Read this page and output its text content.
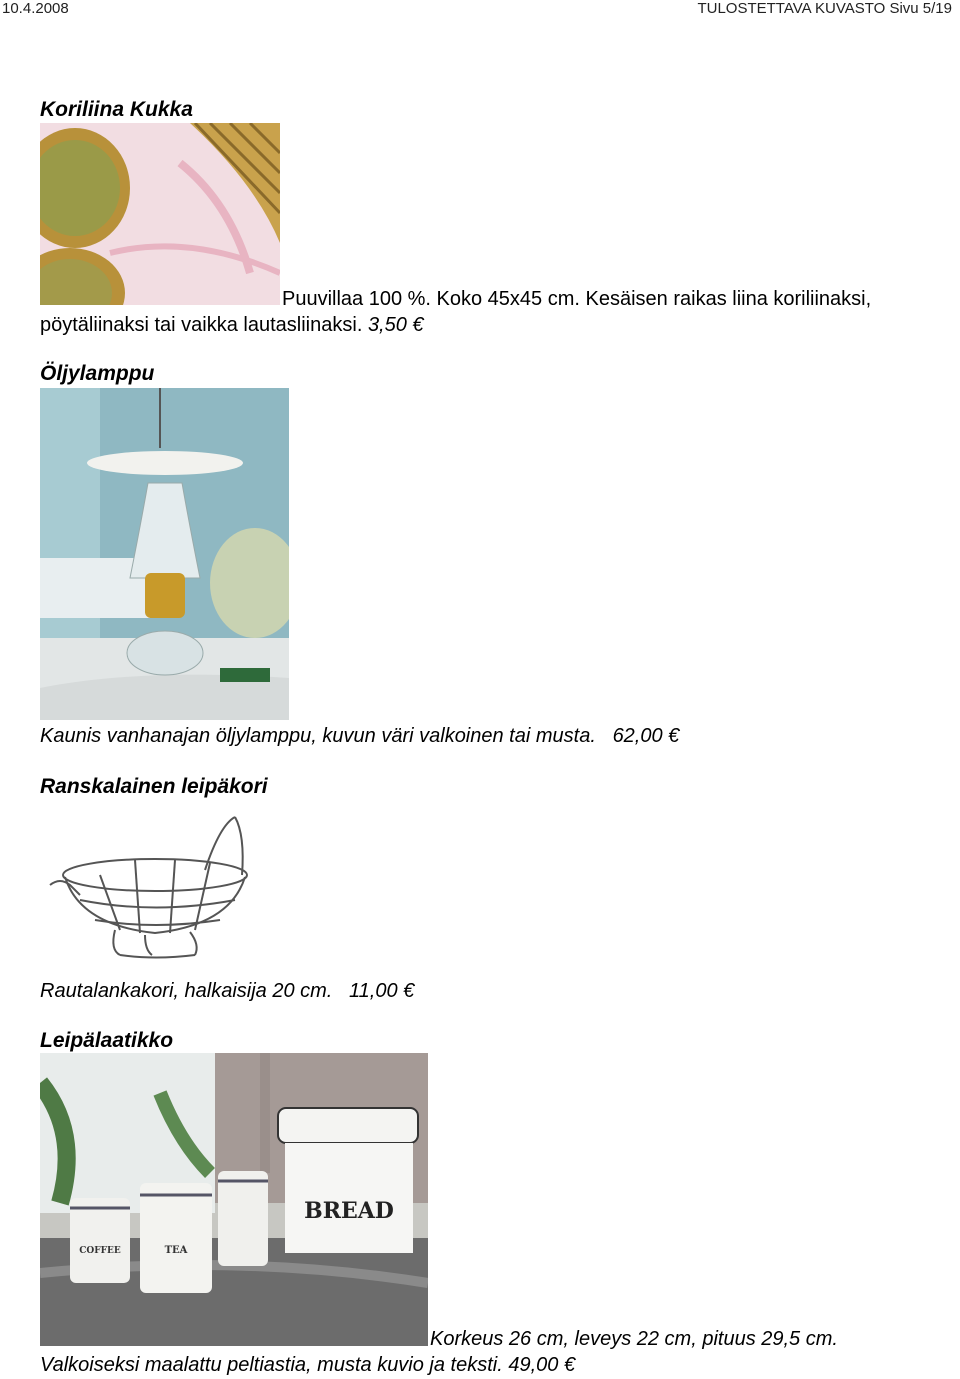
10.4.2008	TULOSTETTAVA KUVASTO Sivu 5/19
Koriliina Kukka
Puuvillaa 100 %. Koko 45x45 cm. Kesäisen raikas liina koriliinaksi,
pöytäliinaksi tai vaikka lautasliinaksi. 3,50 €
Öljylamppu
Kaunis vanhanajan öljylamppu, kuvun väri valkoinen tai musta. 62,00 €
Ranskalainen leipäkori
Rautalankakori, halkaisija 20 cm. 11,00 €
Leipälaatikko
BREAD
COFFEE	TEA
Korkeus 26 cm, leveys 22 cm, pituus 29,5 cm.
Valkoiseksi maalattu peltiastia, musta kuvio ja teksti. 49,00 €
